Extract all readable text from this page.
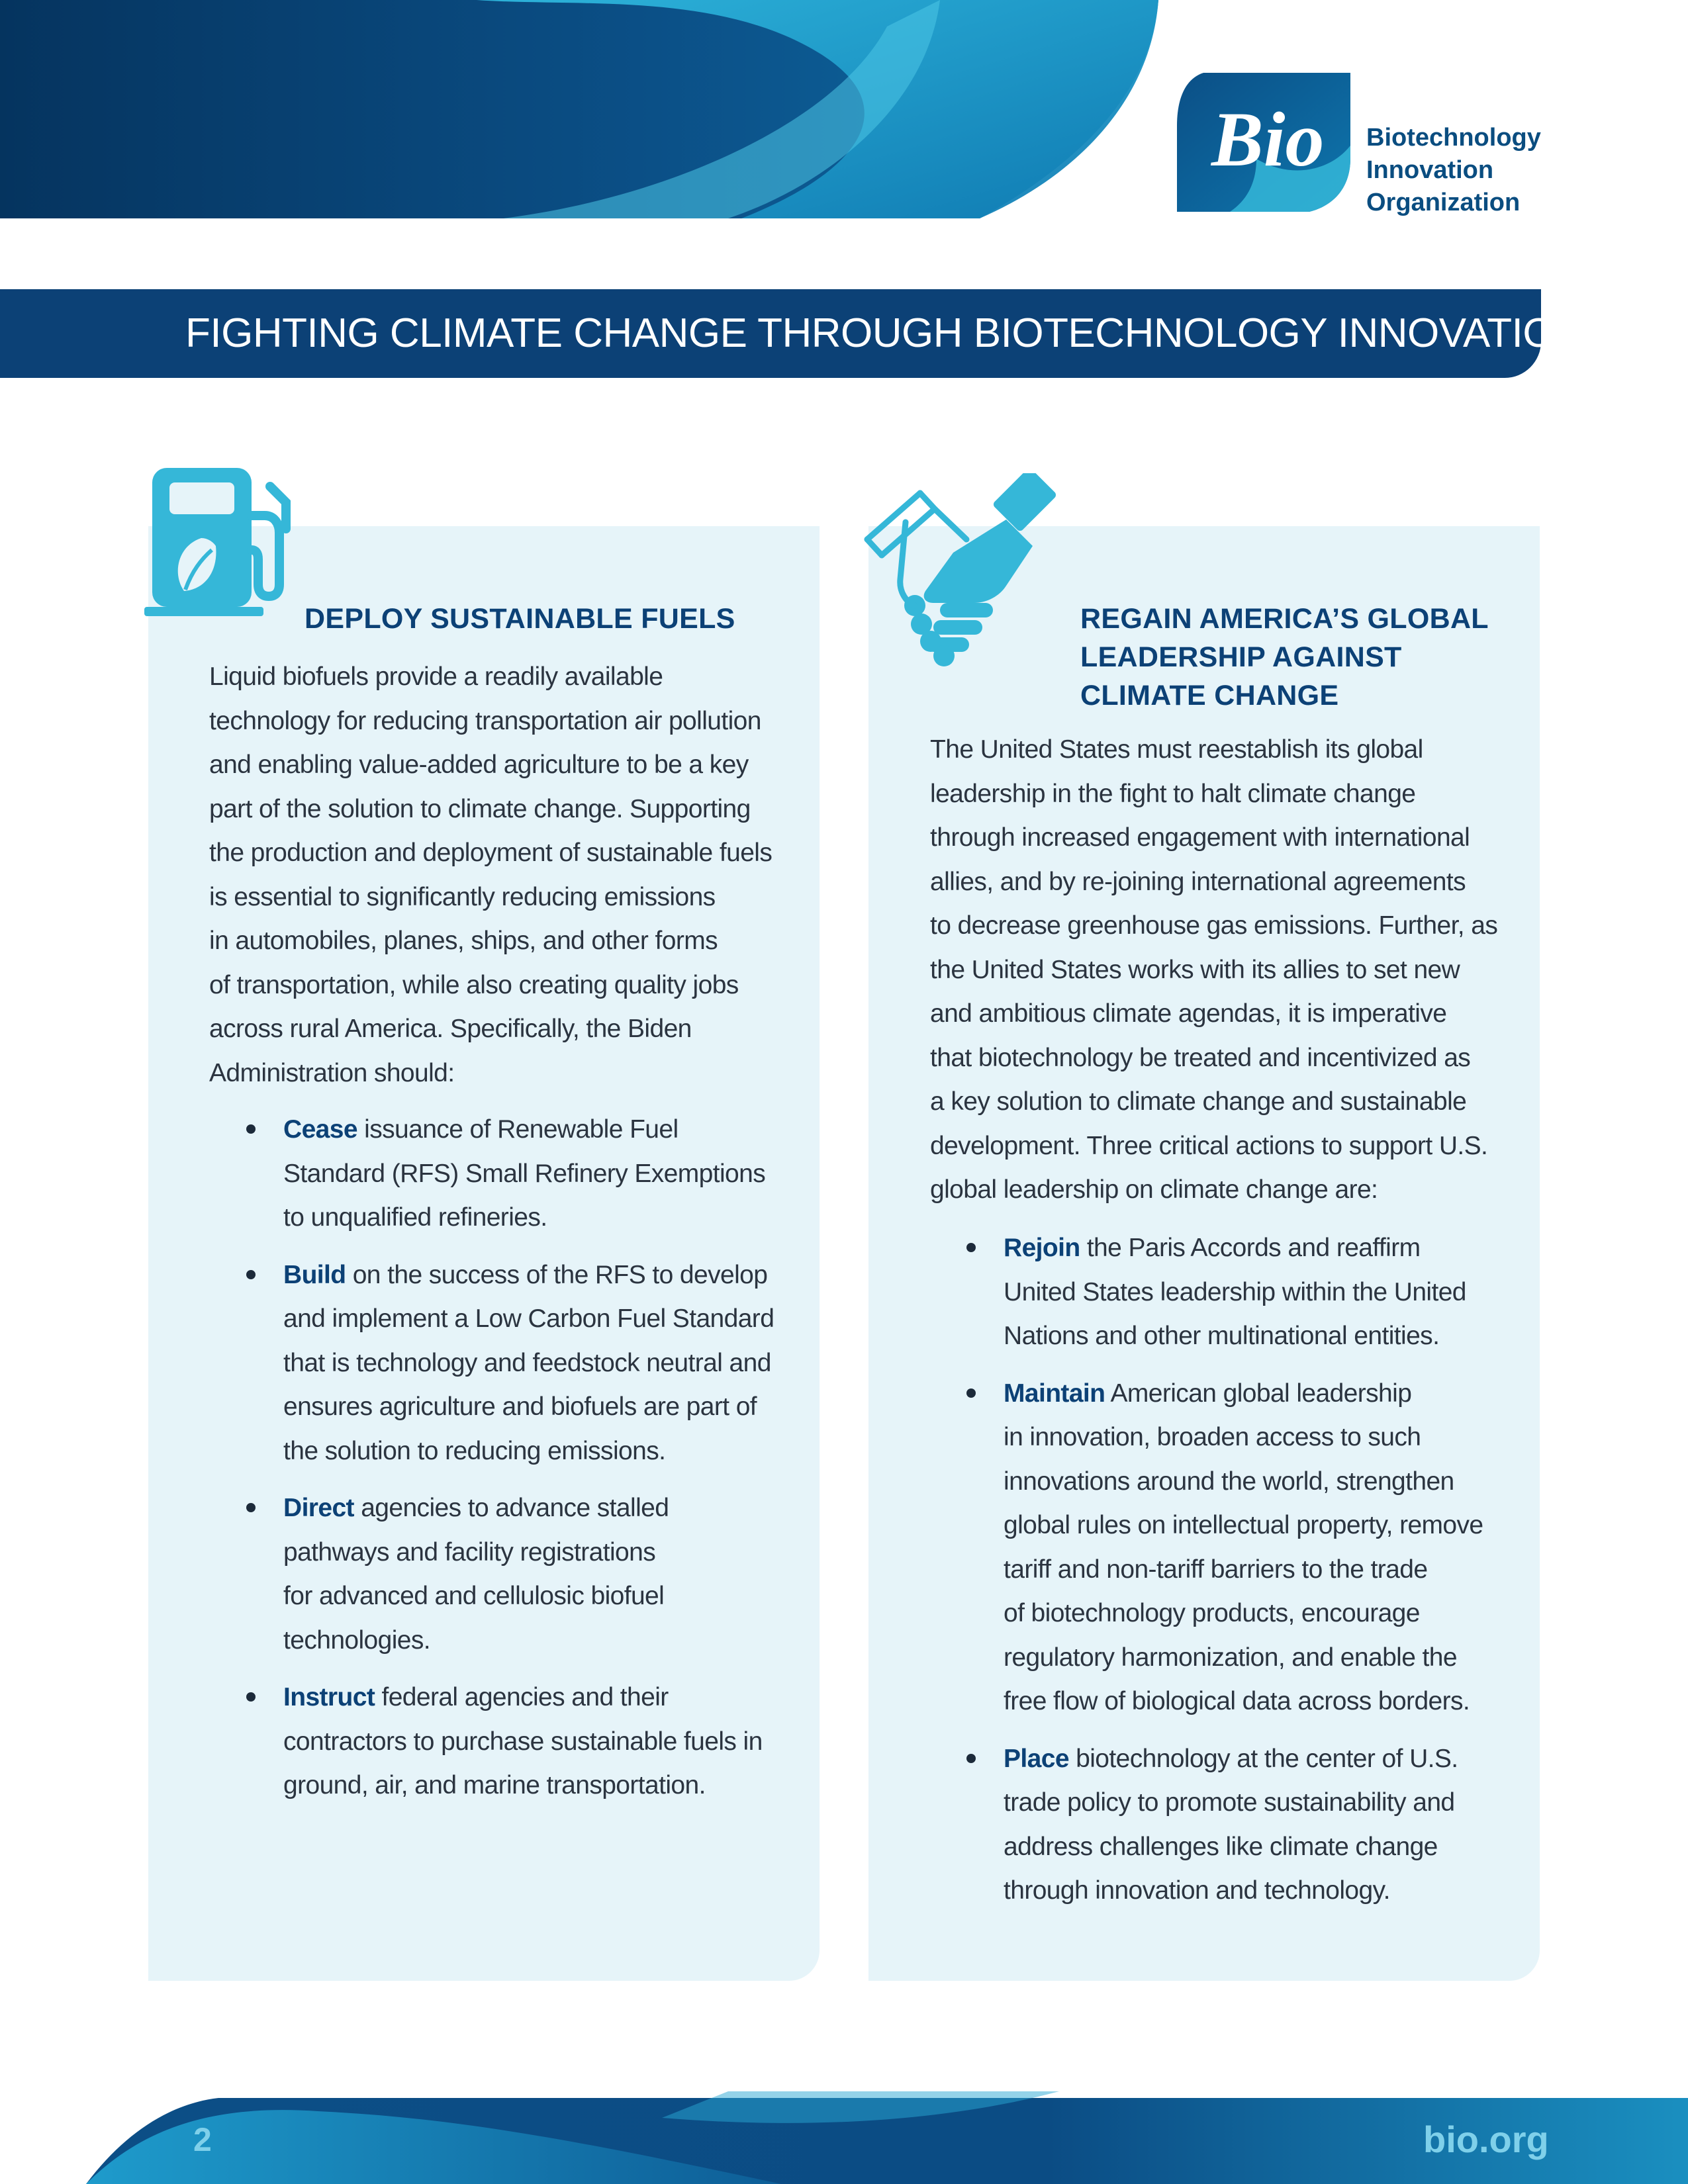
Bio Biotechnology
Innovation
Organization
FIGHTING CLIMATE CHANGE THROUGH BIOTECHNOLOGY INNOVATION
DEPLOY SUSTAINABLE FUELS
Liquid biofuels provide a readily available
technology for reducing transportation air pollution
and enabling value-added agriculture to be a key
part of the solution to climate change. Supporting
the production and deployment of sustainable fuels
is essential to significantly reducing emissions
in automobiles, planes, ships, and other forms
of transportation, while also creating quality jobs
across rural America. Specifically, the Biden
Administration should:
Cease issuance of Renewable Fuel
Standard (RFS) Small Refinery Exemptions
to unqualified refineries.
Build on the success of the RFS to develop
and implement a Low Carbon Fuel Standard
that is technology and feedstock neutral and
ensures agriculture and biofuels are part of
the solution to reducing emissions.
Direct agencies to advance stalled
pathways and facility registrations
for advanced and cellulosic biofuel
technologies.
Instruct federal agencies and their
contractors to purchase sustainable fuels in
ground, air, and marine transportation.
REGAIN AMERICA’S GLOBAL
LEADERSHIP AGAINST
CLIMATE CHANGE
The United States must reestablish its global
leadership in the fight to halt climate change
through increased engagement with international
allies, and by re-joining international agreements
to decrease greenhouse gas emissions. Further, as
the United States works with its allies to set new
and ambitious climate agendas, it is imperative
that biotechnology be treated and incentivized as
a key solution to climate change and sustainable
development. Three critical actions to support U.S.
global leadership on climate change are:
Rejoin the Paris Accords and reaffirm
United States leadership within the United
Nations and other multinational entities.
Maintain American global leadership
in innovation, broaden access to such
innovations around the world, strengthen
global rules on intellectual property, remove
tariff and non-tariff barriers to the trade
of biotechnology products, encourage
regulatory harmonization, and enable the
free flow of biological data across borders.
Place biotechnology at the center of U.S.
trade policy to promote sustainability and
address challenges like climate change
through innovation and technology.
2	bio.org
